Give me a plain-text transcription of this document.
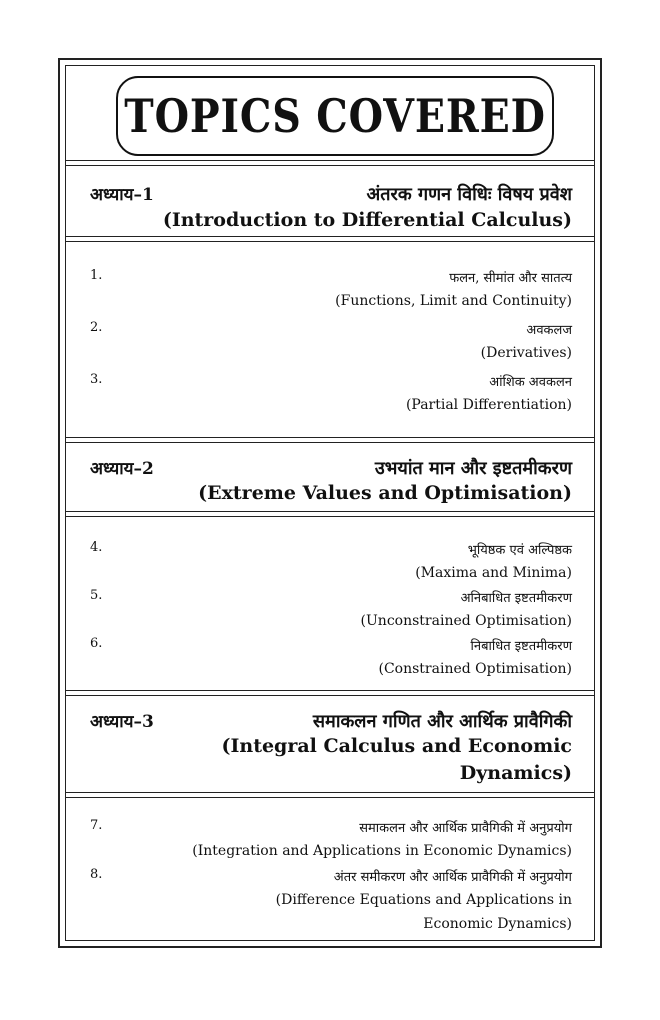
TOPICS COVERED
अध्याय–1	अंतरक गणन विधिः विषय प्रवेश
(Introduction to Differential Calculus)
1.	फलन, सीमांत और सातत्य
(Functions, Limit and Continuity)
2.	अवकलज
(Derivatives)
3.	आंशिक अवकलन
(Partial Differentiation)
अध्याय–2	उभयांत मान और इष्टतमीकरण
(Extreme Values and Optimisation)
4.	भूयिष्ठक एवं अल्पिष्ठक
(Maxima and Minima)
5.	अनिबाधित इष्टतमीकरण
(Unconstrained Optimisation)
6.	निबाधित इष्टतमीकरण
(Constrained Optimisation)
अध्याय–3	समाकलन गणित और आर्थिक प्रावैगिकी
(Integral Calculus and Economic
Dynamics)
7.	समाकलन और आर्थिक प्रावैगिकी में अनुप्रयोग
(Integration and Applications in Economic Dynamics)
8.	अंतर समीकरण और आर्थिक प्रावैगिकी में अनुप्रयोग
(Difference Equations and Applications in
Economic Dynamics)
